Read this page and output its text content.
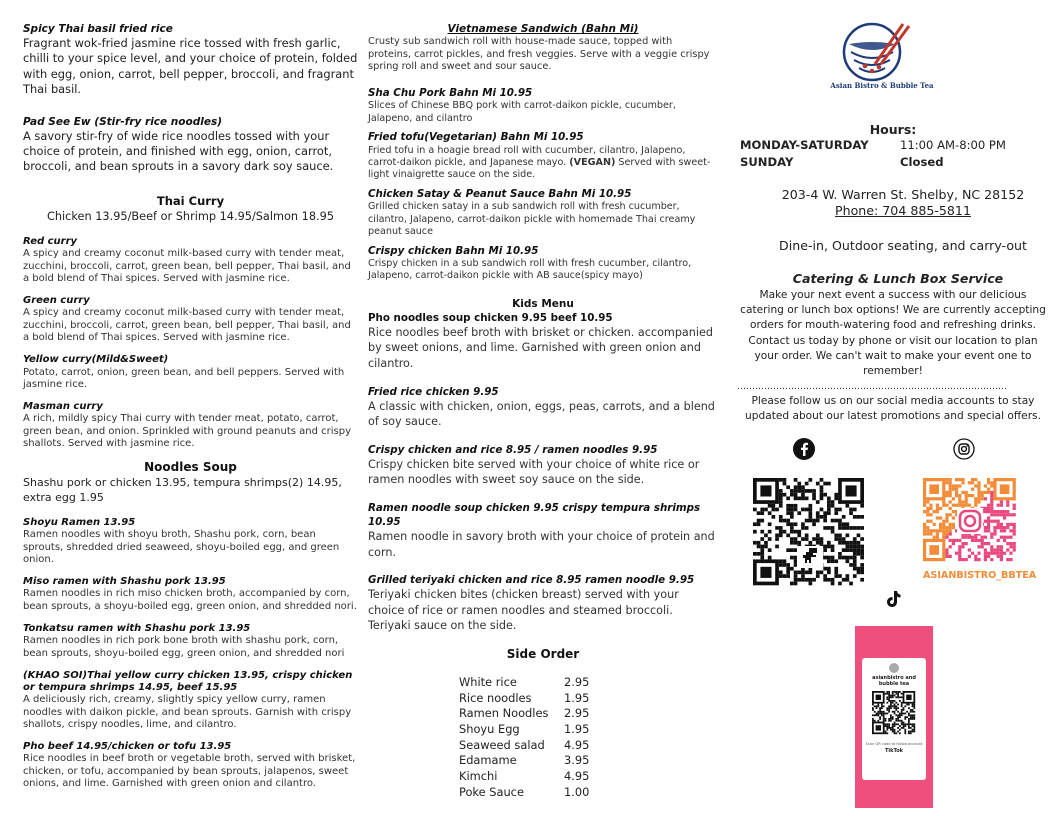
Spicy Thai basil fried rice
Fragrant wok-fried jasmine rice tossed with fresh garlic, chilli to your spice level, and your choice of protein, folded with egg, onion, carrot, bell pepper, broccoli, and fragrant Thai basil.
Pad See Ew (Stir-fry rice noodles)
A savory stir-fry of wide rice noodles tossed with your choice of protein, and finished with egg, onion, carrot, broccoli, and bean sprouts in a savory dark soy sauce.
Thai Curry
Chicken 13.95/Beef or Shrimp 14.95/Salmon 18.95
Red curry
A spicy and creamy coconut milk-based curry with tender meat, zucchini, broccoli, carrot, green bean, bell pepper, Thai basil, and a bold blend of Thai spices. Served with jasmine rice.
Green curry
A spicy and creamy coconut milk-based curry with tender meat, zucchini, broccoli, carrot, green bean, bell pepper, Thai basil, and a bold blend of Thai spices. Served with jasmine rice.
Yellow curry(Mild&Sweet)
Potato, carrot, onion, green bean, and bell peppers. Served with jasmine rice.
Masman curry
A rich, mildly spicy Thai curry with tender meat, potato, carrot, green bean, and onion. Sprinkled with ground peanuts and crispy shallots. Served with jasmine rice.
Noodles Soup
Shashu pork or chicken 13.95, tempura shrimps(2) 14.95, extra egg 1.95
Shoyu Ramen 13.95
Ramen noodles with shoyu broth, Shashu pork, corn, bean sprouts, shredded dried seaweed, shoyu-boiled egg, and green onion.
Miso ramen with Shashu pork 13.95
Ramen noodles in rich miso chicken broth, accompanied by corn, bean sprouts, a shoyu-boiled egg, green onion, and shredded nori.
Tonkatsu ramen with Shashu pork 13.95
Ramen noodles in rich pork bone broth with shashu pork, corn, bean sprouts, shoyu-boiled egg, green onion, and shredded nori
(KHAO SOI)Thai yellow curry chicken 13.95, crispy chicken or tempura shrimps 14.95, beef 15.95
A deliciously rich, creamy, slightly spicy yellow curry, ramen noodles with daikon pickle, and bean sprouts. Garnish with crispy shallots, crispy noodles, lime, and cilantro.
Pho beef 14.95/chicken or tofu 13.95
Rice noodles in beef broth or vegetable broth, served with brisket, chicken, or tofu, accompanied by bean sprouts, jalapenos, sweet onions, and lime. Garnished with green onion and cilantro.
Vietnamese Sandwich (Bahn Mi)
Crusty sub sandwich roll with house-made sauce, topped with proteins, carrot pickles, and fresh veggies. Serve with a veggie crispy spring roll and sweet and sour sauce.
Sha Chu Pork Bahn Mi 10.95
Slices of Chinese BBQ pork with carrot-daikon pickle, cucumber, Jalapeno, and cilantro
Fried tofu(Vegetarian) Bahn Mi 10.95
Fried tofu in a hoagie bread roll with cucumber, cilantro, Jalapeno, carrot-daikon pickle, and Japanese mayo. (VEGAN) Served with sweet-light vinaigrette sauce on the side.
Chicken Satay & Peanut Sauce Bahn Mi 10.95
Grilled chicken satay in a sub sandwich roll with fresh cucumber, cilantro, Jalapeno, carrot-daikon pickle with homemade Thai creamy peanut sauce
Crispy chicken Bahn Mi 10.95
Crispy chicken in a sub sandwich roll with fresh cucumber, cilantro, Jalapeno, carrot-daikon pickle with AB sauce(spicy mayo)
Kids Menu
Pho noodles soup chicken 9.95 beef 10.95
Rice noodles beef broth with brisket or chicken. accompanied by sweet onions, and lime. Garnished with green onion and cilantro.
Fried rice chicken 9.95
A classic with chicken, onion, eggs, peas, carrots, and a blend of soy sauce.
Crispy chicken and rice 8.95 / ramen noodles 9.95
Crispy chicken bite served with your choice of white rice or ramen noodles with sweet soy sauce on the side.
Ramen noodle soup chicken 9.95 crispy tempura shrimps 10.95
Ramen noodle in savory broth with your choice of protein and corn.
Grilled teriyaki chicken and rice 8.95 ramen noodle 9.95
Teriyaki chicken bites (chicken breast) served with your choice of rice or ramen noodles and steamed broccoli. Teriyaki sauce on the side.
Side Order
White rice	2.95
Rice noodles	1.95
Ramen Noodles	2.95
Shoyu Egg	1.95
Seaweed salad	4.95
Edamame	3.95
Kimchi	4.95
Poke Sauce	1.00
Asian Bistro & Bubble Tea
Hours:
MONDAY-SATURDAY	11:00 AM-8:00 PM
SUNDAY	Closed
203-4 W. Warren St. Shelby, NC 28152
Phone: 704 885-5811
Dine-in, Outdoor seating, and carry-out
Catering & Lunch Box Service
Make your next event a success with our delicious catering or lunch box options! We are currently accepting orders for mouth-watering food and refreshing drinks.
Contact us today by phone or visit our location to plan your order. We can't wait to make your event one to remember!
………………………………………………………………………………
Please follow us on our social media accounts to stay updated about our latest promotions and special offers.
ASIANBISTRO_BBTEA
asianbistro and bubble tea
Scan QR code to follow account
TikTok
